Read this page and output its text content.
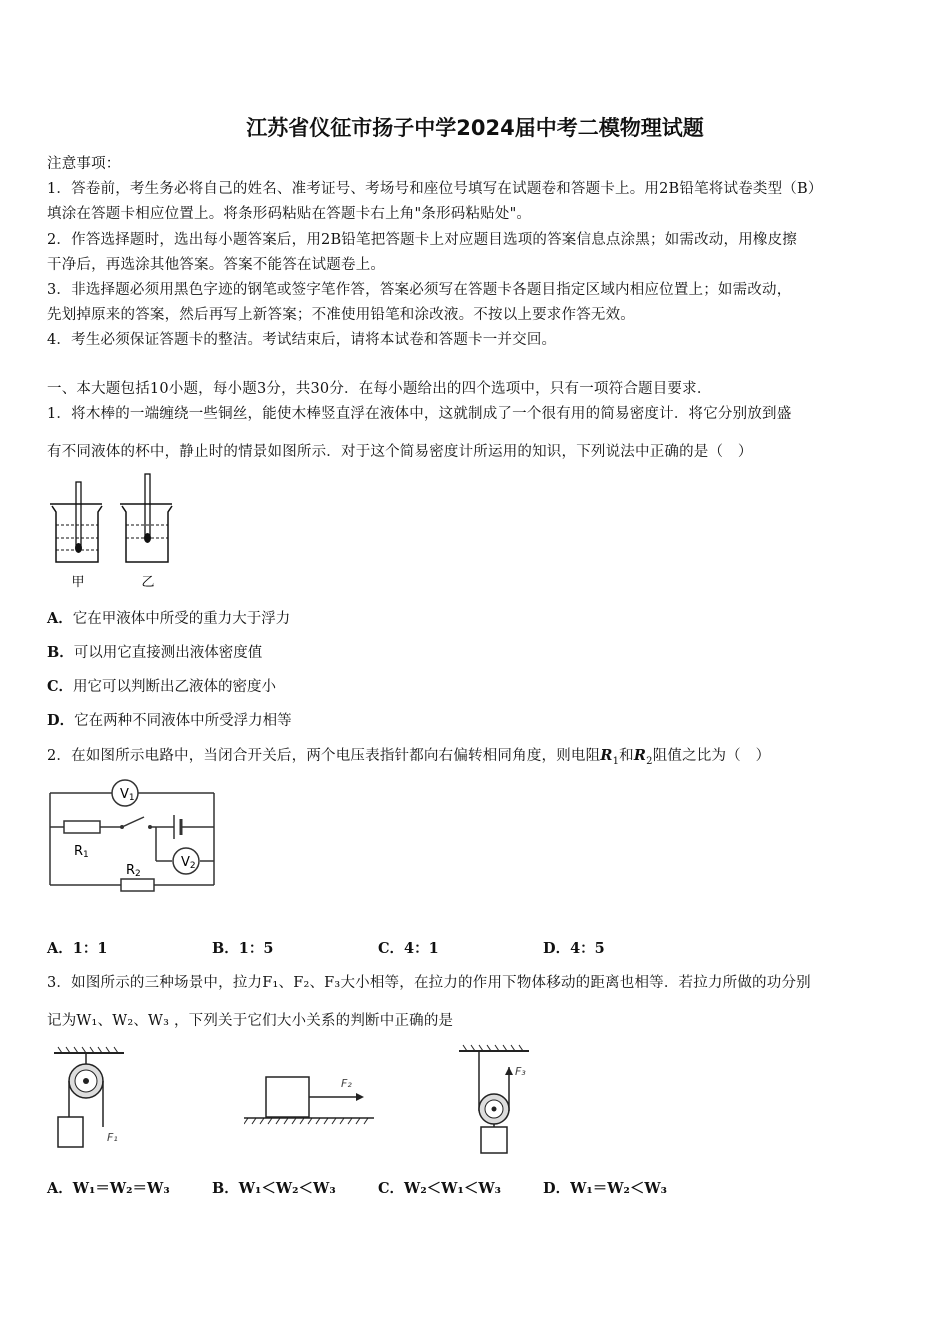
江苏省仪征市扬子中学2024届中考二模物理试题
注意事项：
1．答卷前，考生务必将自己的姓名、准考证号、考场号和座位号填写在试题卷和答题卡上。用2B铅笔将试卷类型（B）
填涂在答题卡相应位置上。将条形码粘贴在答题卡右上角"条形码粘贴处"。
2．作答选择题时，选出每小题答案后，用2B铅笔把答题卡上对应题目选项的答案信息点涂黑；如需改动，用橡皮擦
干净后，再选涂其他答案。答案不能答在试题卷上。
3．非选择题必须用黑色字迹的钢笔或签字笔作答，答案必须写在答题卡各题目指定区域内相应位置上；如需改动，
先划掉原来的答案，然后再写上新答案；不准使用铅笔和涂改液。不按以上要求作答无效。
4．考生必须保证答题卡的整洁。考试结束后，请将本试卷和答题卡一并交回。
一、本大题包括10小题，每小题3分，共30分．在每小题给出的四个选项中，只有一项符合题目要求．
1．将木棒的一端缠绕一些铜丝，能使木棒竖直浮在液体中，这就制成了一个很有用的简易密度计．将它分别放到盛
有不同液体的杯中，静止时的情景如图所示．对于这个简易密度计所运用的知识，下列说法中正确的是（　）
甲	乙
A．它在甲液体中所受的重力大于浮力
B．可以用它直接测出液体密度值
C．用它可以判断出乙液体的密度小
D．它在两种不同液体中所受浮力相等
2．在如图所示电路中，当闭合开关后，两个电压表指针都向右偏转相同角度，则电阻$R_1$和$R_2$阻值之比为（　）
V1
V2
R1
R2
A．1：1	B．1：5	C．4：1	D．4：5
3．如图所示的三种场景中，拉力F₁、F₂、F₃大小相等，在拉力的作用下物体移动的距离也相等．若拉力所做的功分别
记为W₁、W₂、W₃ ，下列关于它们大小关系的判断中正确的是
F₁
F₂
F₃
A．W₁＝W₂＝W₃	B．W₁＜W₂＜W₃	C．W₂＜W₁＜W₃	D．W₁＝W₂＜W₃
